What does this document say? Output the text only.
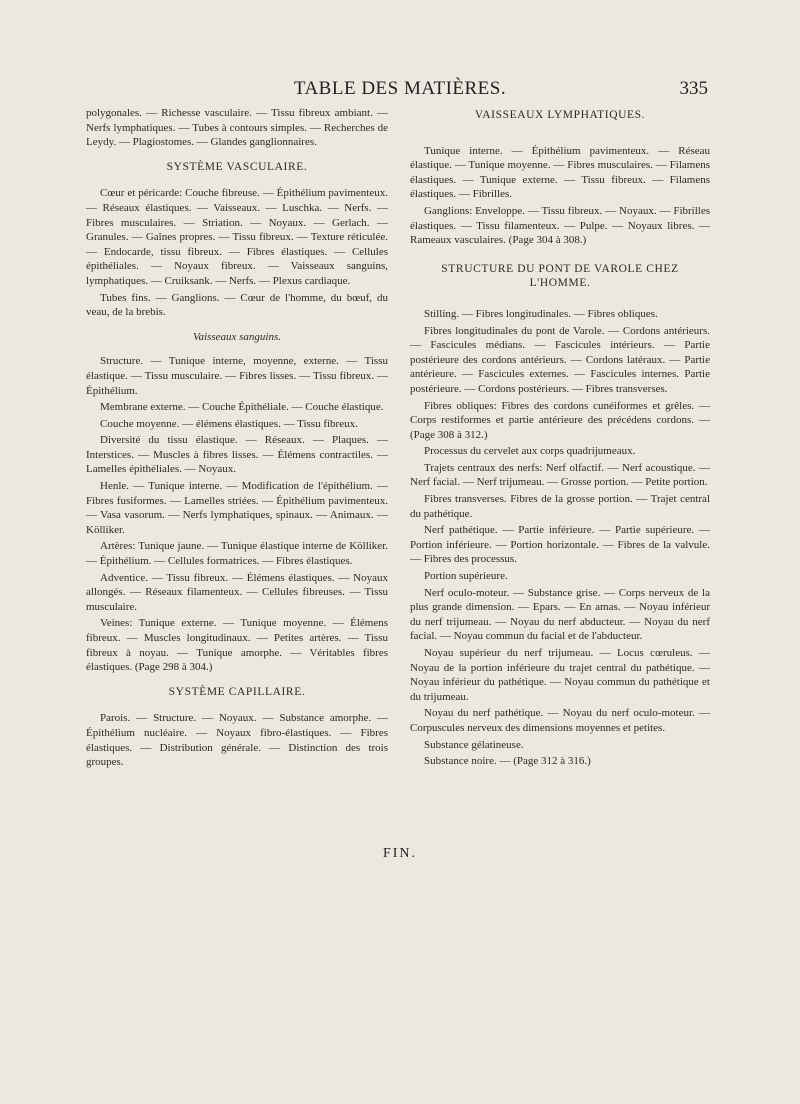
TABLE DES MATIÈRES.	335

polygonales. — Richesse vasculaire. — Tissu fibreux ambiant. — Nerfs lymphatiques. — Tubes à contours simples. — Recherches de Leydy. — Plagiostomes. — Glandes ganglionnaires.

SYSTÈME VASCULAIRE.

Cœur et péricarde: Couche fibreuse. — Épithélium pavimenteux. — Réseaux élastiques. — Vaisseaux. — Luschka. — Nerfs. — Fibres musculaires. — Striation. — Noyaux. — Gerlach. — Granules. — Gaînes propres. — Tissu fibreux. — Texture réticulée. — Endocarde, tissu fibreux. — Fibres élastiques. — Cellules épithéliales. — Noyaux fibreux. — Vaisseaux sanguins, lymphatiques. — Cruiksank. — Nerfs. — Plexus cardiaque.

Tubes fins. — Ganglions. — Cœur de l'homme, du bœuf, du veau, de la brebis.

Vaisseaux sanguins.

Structure. — Tunique interne, moyenne, externe. — Tissu élastique. — Tissu musculaire. — Fibres lisses. — Tissu fibreux. — Épithélium.

Membrane externe. — Couche Épithéliale. — Couche élastique.

Couche moyenne. — élémens élastiques. — Tissu fibreux.

Diversité du tissu élastique. — Réseaux. — Plaques. — Interstices. — Muscles à fibres lisses. — Élémens contractiles. — Lamelles épithéliales. — Noyaux.

Henle. — Tunique interne. — Modification de l'épithélium. — Fibres fusiformes. — Lamelles striées. — Épithélium pavimenteux. — Vasa vasorum. — Nerfs lymphatiques, spinaux. — Animaux. — Kölliker.

Artères: Tunique jaune. — Tunique élastique interne de Kölliker. — Épithélium. — Cellules formatrices. — Fibres élastiques.

Adventice. — Tissu fibreux. — Élémens élastiques. — Noyaux allongés. — Réseaux filamenteux. — Cellules fibreuses. — Tissu musculaire.

Veines: Tunique externe. — Tunique moyenne. — Élémens fibreux. — Muscles longitudinaux. — Petites artères. — Tissu fibreux à noyau. — Tunique amorphe. — Véritables fibres élastiques. (Page 298 à 304.)

SYSTÈME CAPILLAIRE.

Parois. — Structure. — Noyaux. — Substance amorphe. — Épithélium nucléaire. — Noyaux fibro-élastiques. — Fibres élastiques. — Distribution générale. — Distinction des trois groupes.

VAISSEAUX LYMPHATIQUES.

Tunique interne. — Épithélium pavimenteux. — Réseau élastique. — Tunique moyenne. — Fibres musculaires. — Filamens élastiques. — Tunique externe. — Tissu fibreux. — Filamens élastiques. — Fibrilles.

Ganglions: Enveloppe. — Tissu fibreux. — Noyaux. — Fibrilles élastiques. — Tissu filamenteux. — Pulpe. — Noyaux libres. — Rameaux vasculaires. (Page 304 à 308.)

STRUCTURE DU PONT DE VAROLE CHEZ L'HOMME.

Stilling. — Fibres longitudinales. — Fibres obliques.

Fibres longitudinales du pont de Varole. — Cordons antérieurs. — Fascicules médians. — Fascicules intérieurs. — Partie postérieure des cordons antérieurs. — Cordons latéraux. — Partie antérieure. — Fascicules externes. — Fascicules internes. Partie postérieure. — Cordons postérieurs. — Fibres transverses.

Fibres obliques: Fibres des cordons cunéiformes et grêles. — Corps restiformes et partie antérieure des précédens cordons. — (Page 308 à 312.)

Processus du cervelet aux corps quadrijumeaux.

Trajets centraux des nerfs: Nerf olfactif. — Nerf acoustique. — Nerf facial. — Nerf trijumeau. — Grosse portion. — Petite portion.

Fibres transverses. Fibres de la grosse portion. — Trajet central du pathétique.

Nerf pathétique. — Partie inférieure. — Partie supérieure. — Portion inférieure. — Portion horizontale. — Fibres de la valvule. — Fibres des processus.

Portion supérieure.

Nerf oculo-moteur. — Substance grise. — Corps nerveux de la plus grande dimension. — Epars. — En amas. — Noyau inférieur du nerf trijumeau. — Noyau du nerf abducteur. — Noyau du nerf facial. — Noyau commun du facial et de l'abducteur.

Noyau supérieur du nerf trijumeau. — Locus cœruleus. — Noyau de la portion inférieure du trajet central du pathétique. — Noyau inférieur du pathétique. — Noyau commun du pathétique et du trijumeau.

Noyau du nerf pathétique. — Noyau du nerf oculo-moteur. — Corpuscules nerveux des dimensions moyennes et petites.

Substance gélatineuse.

Substance noire. — (Page 312 à 316.)

FIN.
